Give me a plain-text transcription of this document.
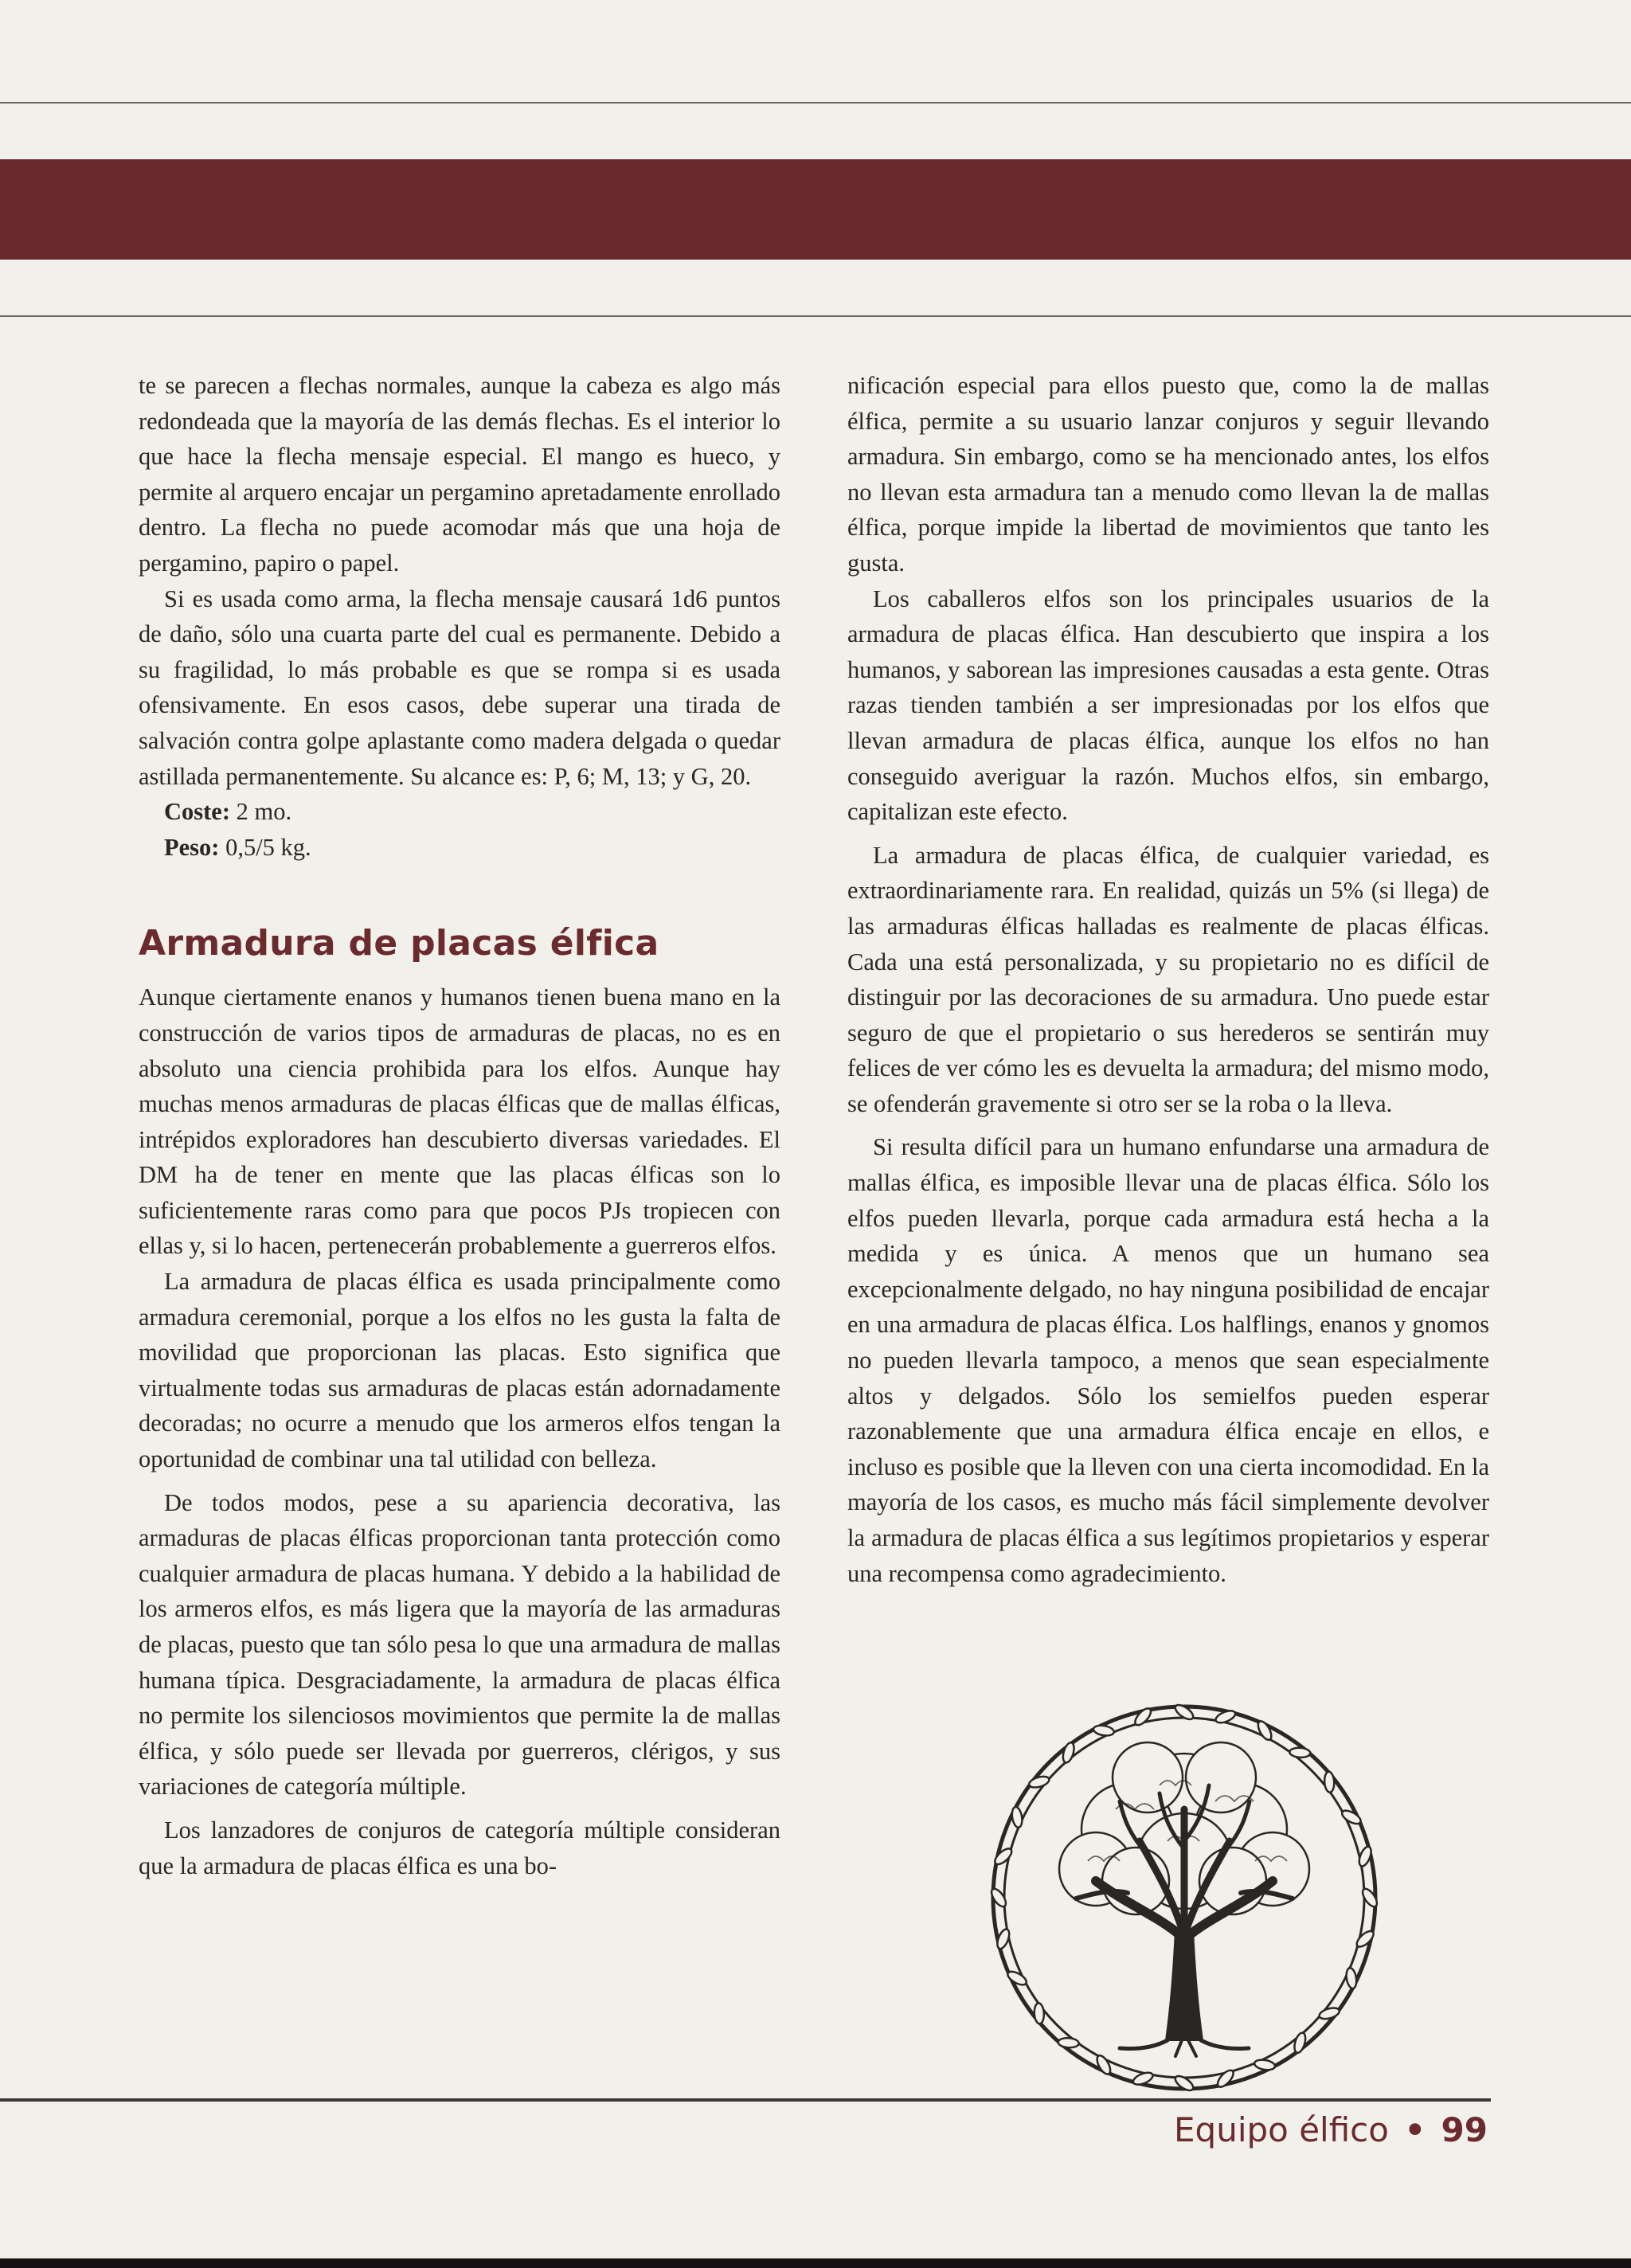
te se parecen a flechas normales, aunque la cabeza es algo más redondeada que la mayoría de las demás flechas. Es el interior lo que hace la flecha mensaje especial. El mango es hueco, y permite al arquero encajar un pergamino apretadamente enrollado dentro. La flecha no puede acomodar más que una hoja de pergamino, papiro o papel.

Si es usada como arma, la flecha mensaje causará 1d6 puntos de daño, sólo una cuarta parte del cual es permanente. Debido a su fragilidad, lo más probable es que se rompa si es usada ofensivamente. En esos casos, debe superar una tirada de salvación contra golpe aplastante como madera delgada o quedar astillada permanentemente. Su alcance es: P, 6; M, 13; y G, 20.

Coste: 2 mo.

Peso: 0,5/5 kg.

Armadura de placas élfica

Aunque ciertamente enanos y humanos tienen buena mano en la construcción de varios tipos de armaduras de placas, no es en absoluto una ciencia prohibida para los elfos. Aunque hay muchas menos armaduras de placas élficas que de mallas élficas, intrépidos exploradores han descubierto diversas variedades. El DM ha de tener en mente que las placas élficas son lo suficientemente raras como para que pocos PJs tropiecen con ellas y, si lo hacen, pertenecerán probablemente a guerreros elfos.

La armadura de placas élfica es usada principalmente como armadura ceremonial, porque a los elfos no les gusta la falta de movilidad que proporcionan las placas. Esto significa que virtualmente todas sus armaduras de placas están adornadamente decoradas; no ocurre a menudo que los armeros elfos tengan la oportunidad de combinar una tal utilidad con belleza.

De todos modos, pese a su apariencia decorativa, las armaduras de placas élficas proporcionan tanta protección como cualquier armadura de placas humana. Y debido a la habilidad de los armeros elfos, es más ligera que la mayoría de las armaduras de placas, puesto que tan sólo pesa lo que una armadura de mallas humana típica. Desgraciadamente, la armadura de placas élfica no permite los silenciosos movimientos que permite la de mallas élfica, y sólo puede ser llevada por guerreros, clérigos, y sus variaciones de categoría múltiple.

Los lanzadores de conjuros de categoría múltiple consideran que la armadura de placas élfica es una bo-

nificación especial para ellos puesto que, como la de mallas élfica, permite a su usuario lanzar conjuros y seguir llevando armadura. Sin embargo, como se ha mencionado antes, los elfos no llevan esta armadura tan a menudo como llevan la de mallas élfica, porque impide la libertad de movimientos que tanto les gusta.

Los caballeros elfos son los principales usuarios de la armadura de placas élfica. Han descubierto que inspira a los humanos, y saborean las impresiones causadas a esta gente. Otras razas tienden también a ser impresionadas por los elfos que llevan armadura de placas élfica, aunque los elfos no han conseguido averiguar la razón. Muchos elfos, sin embargo, capitalizan este efecto.

La armadura de placas élfica, de cualquier variedad, es extraordinariamente rara. En realidad, quizás un 5% (si llega) de las armaduras élficas halladas es realmente de placas élficas. Cada una está personalizada, y su propietario no es difícil de distinguir por las decoraciones de su armadura. Uno puede estar seguro de que el propietario o sus herederos se sentirán muy felices de ver cómo les es devuelta la armadura; del mismo modo, se ofenderán gravemente si otro ser se la roba o la lleva.

Si resulta difícil para un humano enfundarse una armadura de mallas élfica, es imposible llevar una de placas élfica. Sólo los elfos pueden llevarla, porque cada armadura está hecha a la medida y es única. A menos que un humano sea excepcionalmente delgado, no hay ninguna posibilidad de encajar en una armadura de placas élfica. Los halflings, enanos y gnomos no pueden llevarla tampoco, a menos que sean especialmente altos y delgados. Sólo los semielfos pueden esperar razonablemente que una armadura élfica encaje en ellos, e incluso es posible que la lleven con una cierta incomodidad. En la mayoría de los casos, es mucho más fácil simplemente devolver la armadura de placas élfica a sus legítimos propietarios y esperar una recompensa como agradecimiento.

Equipo élfico • 99
